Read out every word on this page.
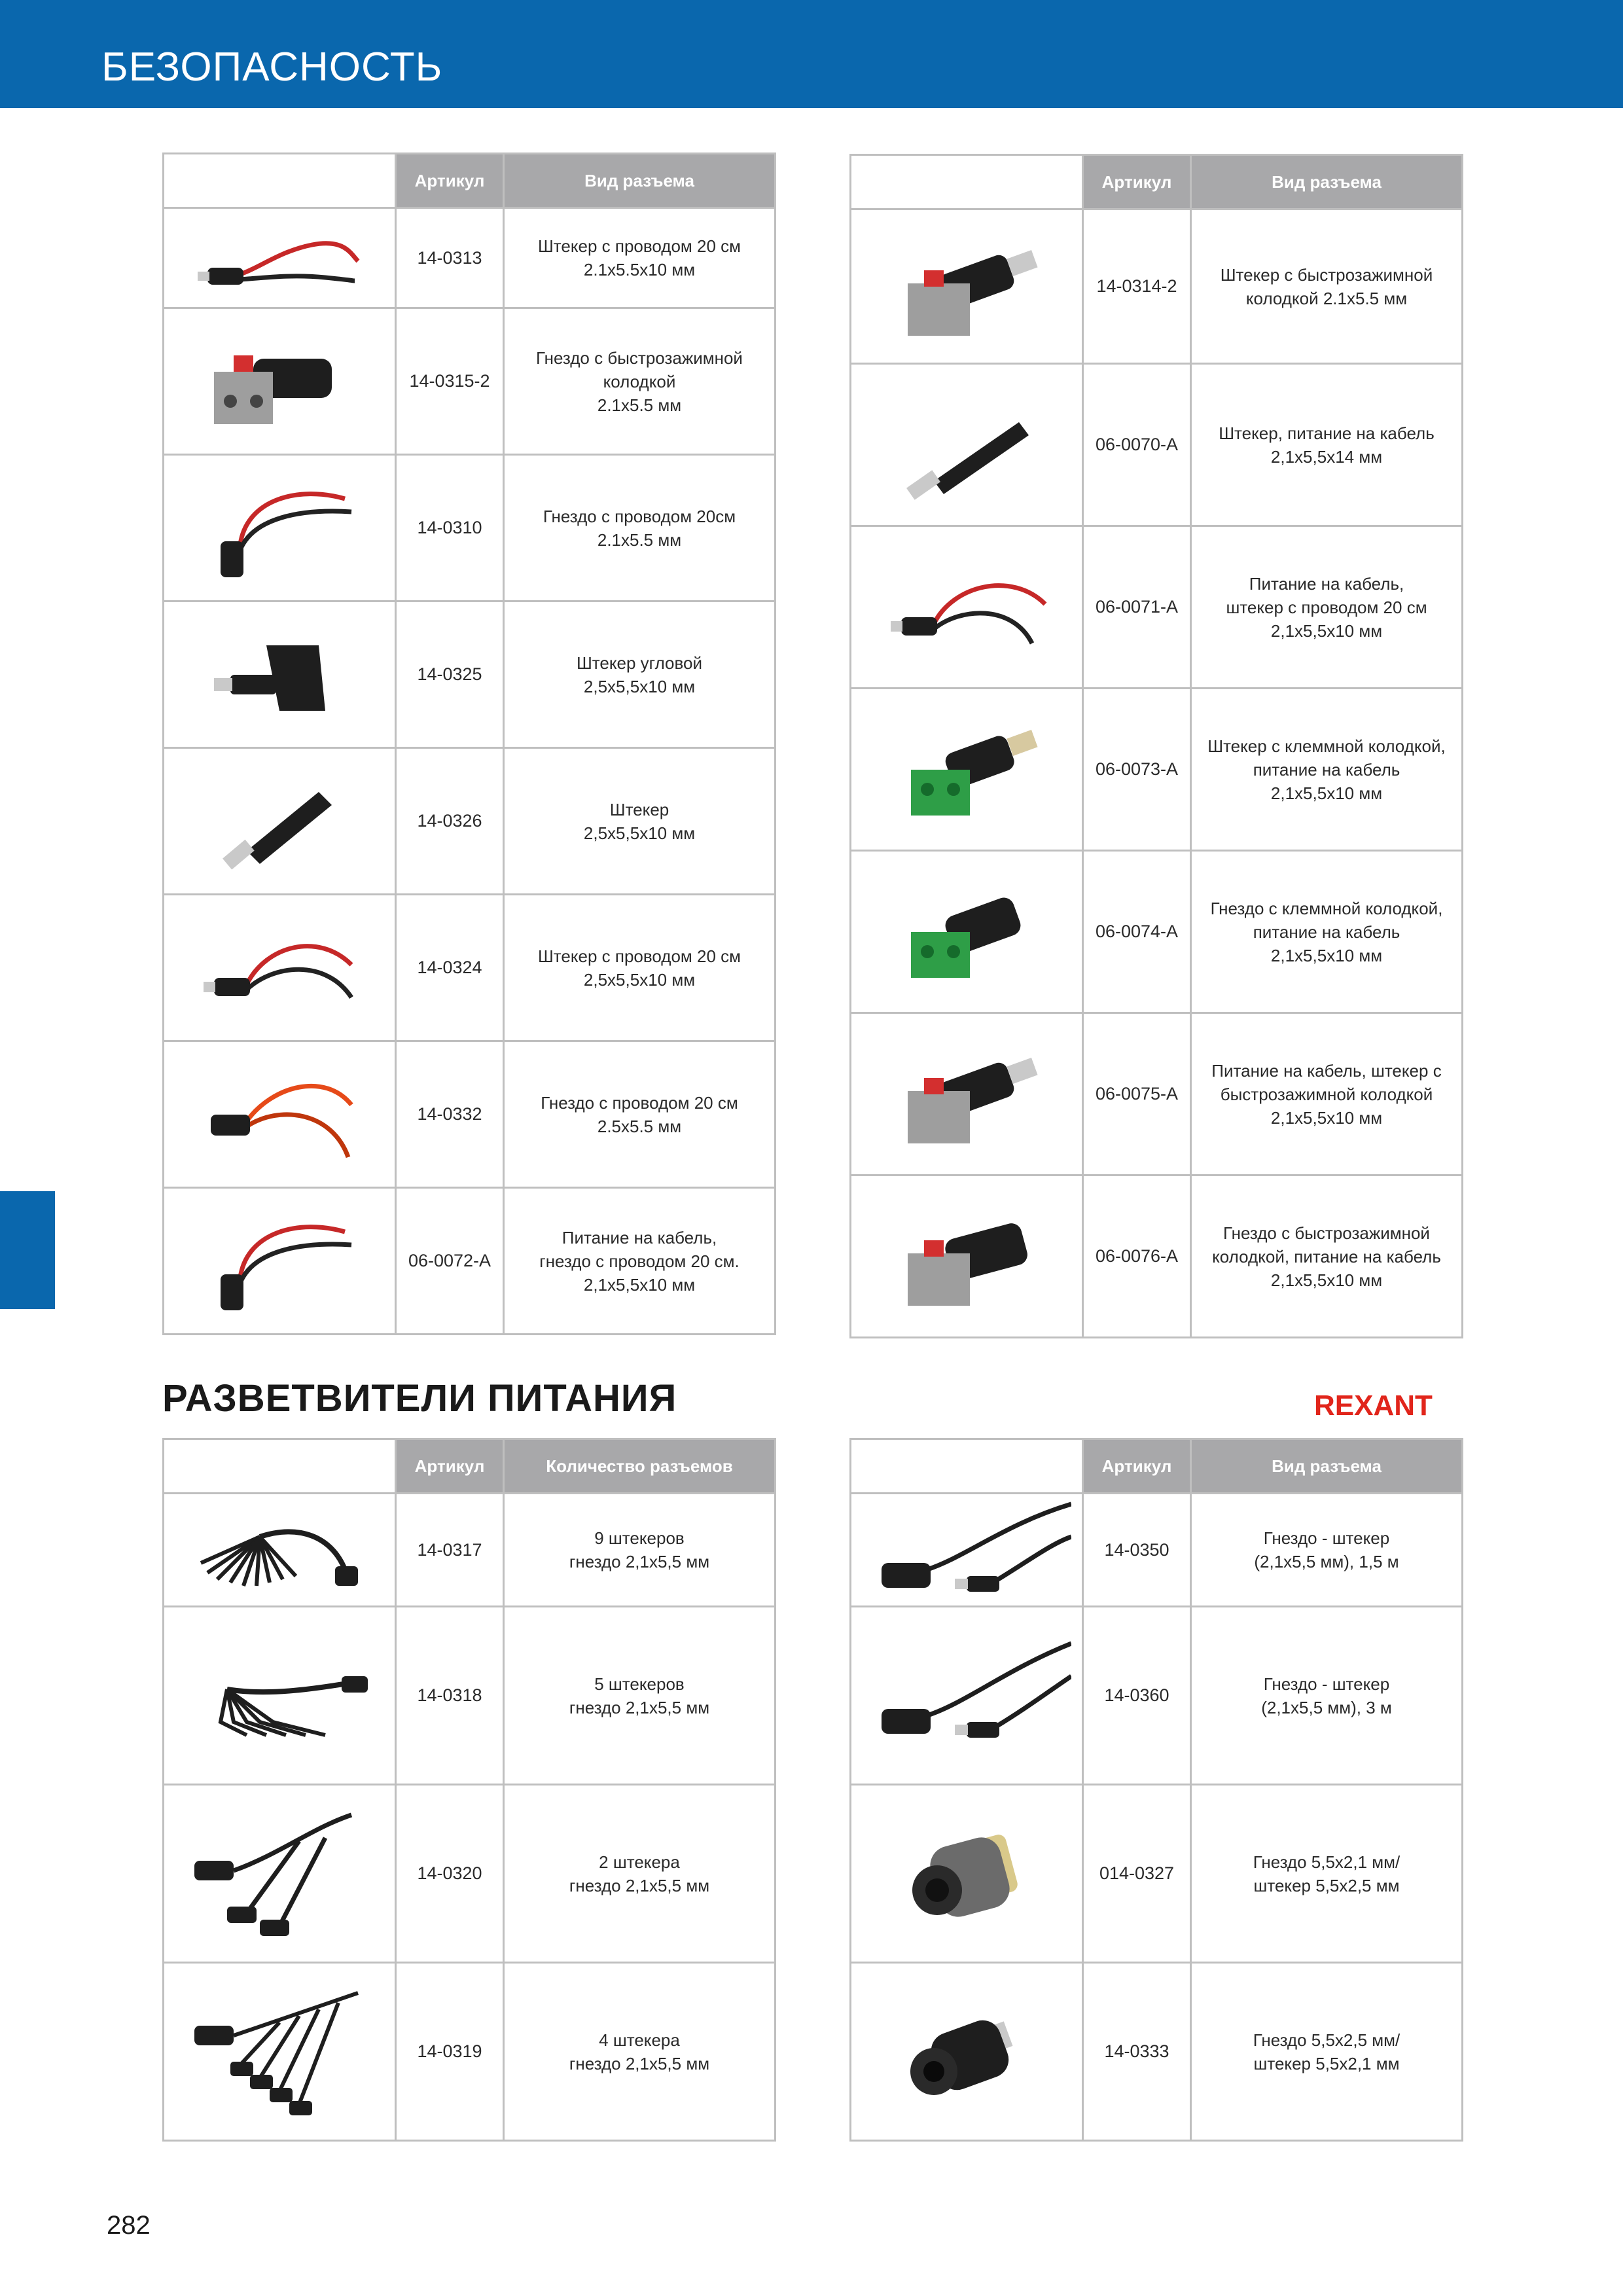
БЕЗОПАСНОСТЬ
	Артикул	Вид разъема
	14-0313	Штекер с проводом 20 см
2.1x5.5x10 мм
	14-0315-2	Гнездо с быстрозажимной
колодкой
2.1x5.5 мм
	14-0310	Гнездо с проводом 20см
2.1x5.5 мм
	14-0325	Штекер угловой
2,5x5,5x10 мм
	14-0326	Штекер
2,5x5,5x10 мм
	14-0324	Штекер с проводом 20 см
2,5x5,5x10 мм
	14-0332	Гнездо с проводом 20 см
2.5x5.5 мм
	06-0072-A	Питание на кабель,
гнездо с проводом 20 см.
2,1x5,5x10 мм
	Артикул	Вид разъема
	14-0314-2	Штекер с быстрозажимной
колодкой 2.1x5.5 мм
	06-0070-A	Штекер, питание на кабель
2,1x5,5x14 мм
	06-0071-A	Питание на кабель,
штекер с проводом 20 см
2,1x5,5x10 мм
	06-0073-A	Штекер с клеммной колодкой,
питание на кабель
2,1x5,5x10 мм
	06-0074-A	Гнездо с клеммной колодкой,
питание на кабель
2,1x5,5x10 мм
	06-0075-A	Питание на кабель, штекер с
быстрозажимной колодкой
2,1x5,5x10 мм
	06-0076-A	Гнездо с быстрозажимной
колодкой, питание на кабель
2,1x5,5x10 мм
РАЗВЕТВИТЕЛИ ПИТАНИЯ	REXANT
	Артикул	Количество разъемов
	14-0317	9 штекеров
гнездо 2,1x5,5 мм
	14-0318	5 штекеров
гнездо 2,1x5,5 мм
	14-0320	2 штекера
гнездо 2,1x5,5 мм
	14-0319	4 штекера
гнездо 2,1x5,5 мм
	Артикул	Вид разъема
	14-0350	Гнездо - штекер
(2,1x5,5 мм), 1,5 м
	14-0360	Гнездо - штекер
(2,1x5,5 мм), 3 м
	014-0327	Гнездо 5,5x2,1 мм/
штекер 5,5x2,5 мм
	14-0333	Гнездо 5,5x2,5 мм/
штекер 5,5x2,1 мм
282
